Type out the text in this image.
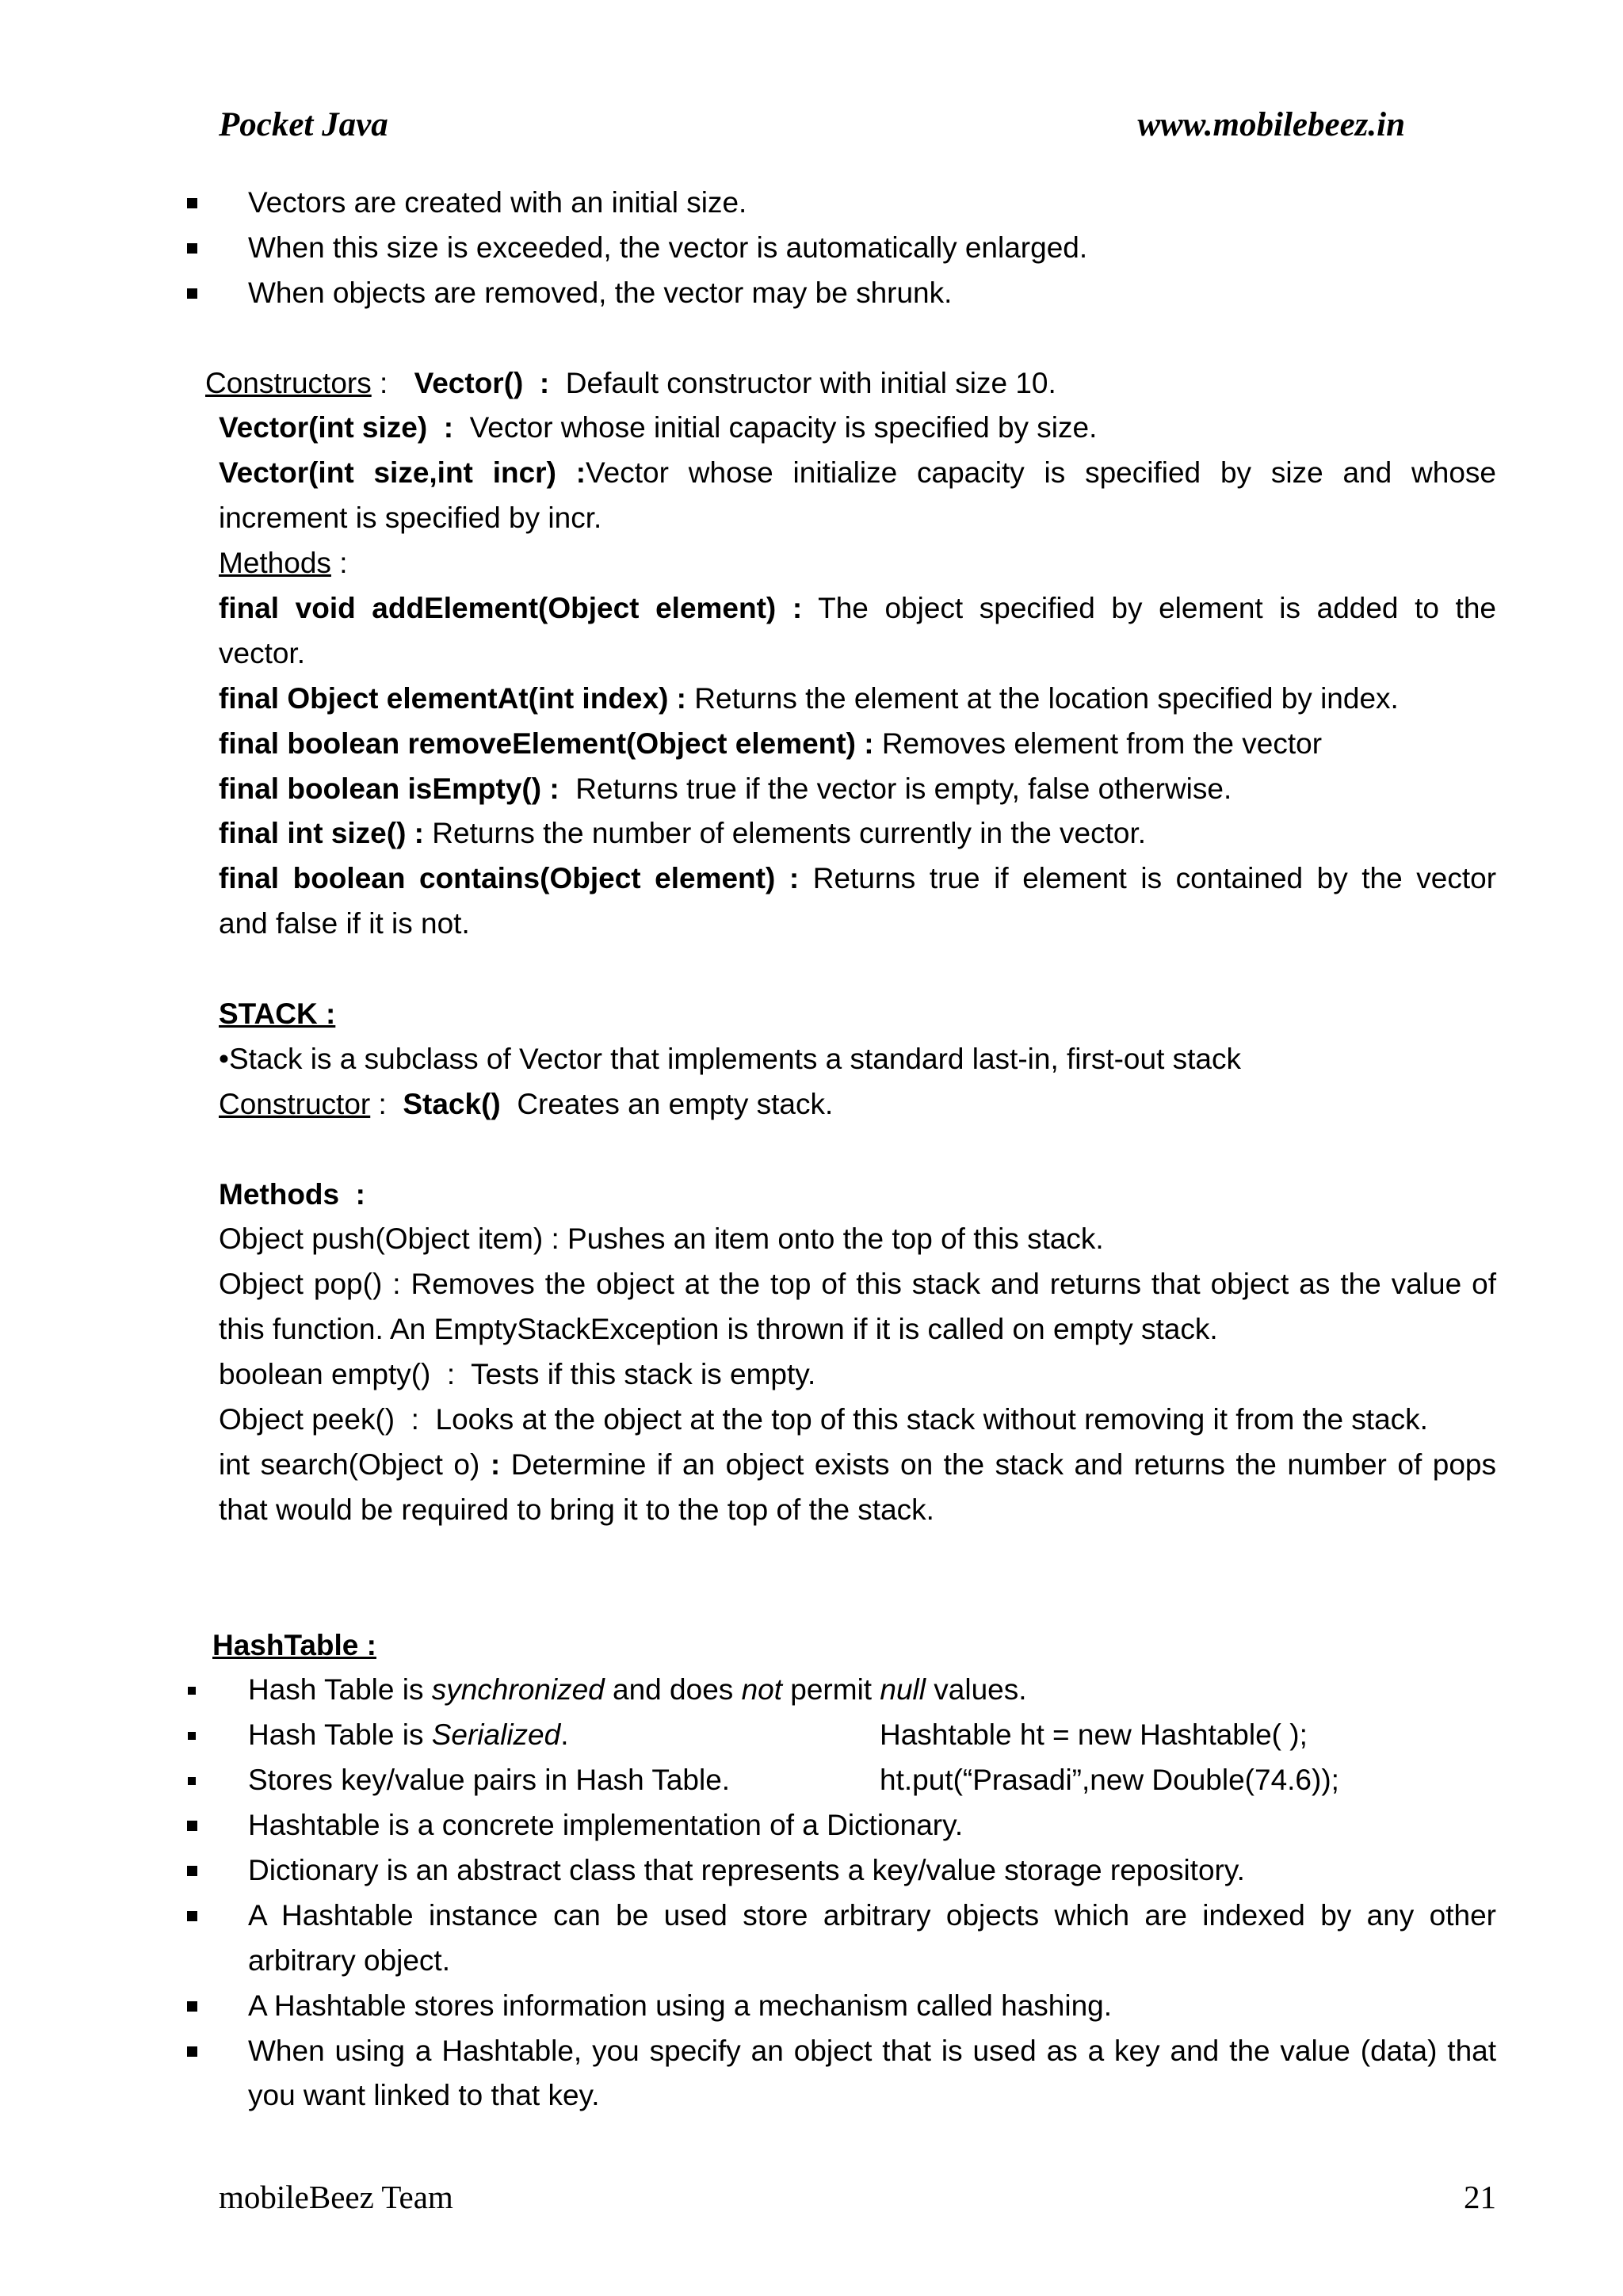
Pocket Java	www.mobilebeez.in
Vectors are created with an initial size.
When this size is exceeded, the vector is automatically enlarged.
When objects are removed, the vector may be shrunk.
Constructors : Vector()  : Default constructor with initial size 10.
Vector(int size)  : Vector whose initial capacity is specified by size.
Vector(int size,int incr) :Vector whose initialize capacity is specified by size and whose
increment is specified by incr.
Methods :
final void addElement(Object element) : The object specified by element is added to the
vector.
final Object elementAt(int index) : Returns the element at the location specified by index.
final boolean removeElement(Object element) : Removes element from the vector
final boolean isEmpty() : Returns true if the vector is empty, false otherwise.
final int size() : Returns the number of elements currently in the vector.
final boolean contains(Object element) : Returns true if element is contained by the vector
and false if it is not.
STACK :
•Stack is a subclass of Vector that implements a standard last-in, first-out stack
Constructor : Stack() Creates an empty stack.
Methods  :
Object push(Object item) : Pushes an item onto the top of this stack.
Object pop() : Removes the object at the top of this stack and returns that object as the value of
this function. An EmptyStackException is thrown if it is called on empty stack.
boolean empty()  :  Tests if this stack is empty.
Object peek()  :  Looks at the object at the top of this stack without removing it from the stack.
int search(Object o) : Determine if an object exists on the stack and returns the number of pops
that would be required to bring it to the top of the stack.
HashTable :
Hash Table is synchronized and does not permit null values.
Hash Table is Serialized.	Hashtable ht = new Hashtable( );
Stores key/value pairs in Hash Table.	ht.put(“Prasadi”,new Double(74.6));
Hashtable is a concrete implementation of a Dictionary.
Dictionary is an abstract class that represents a key/value storage repository.
A Hashtable instance can be used store arbitrary objects which are indexed by any other
arbitrary object.
A Hashtable stores information using a mechanism called hashing.
When using a Hashtable, you specify an object that is used as a key and the value (data) that
you want linked to that key.
mobileBeez Team	21
